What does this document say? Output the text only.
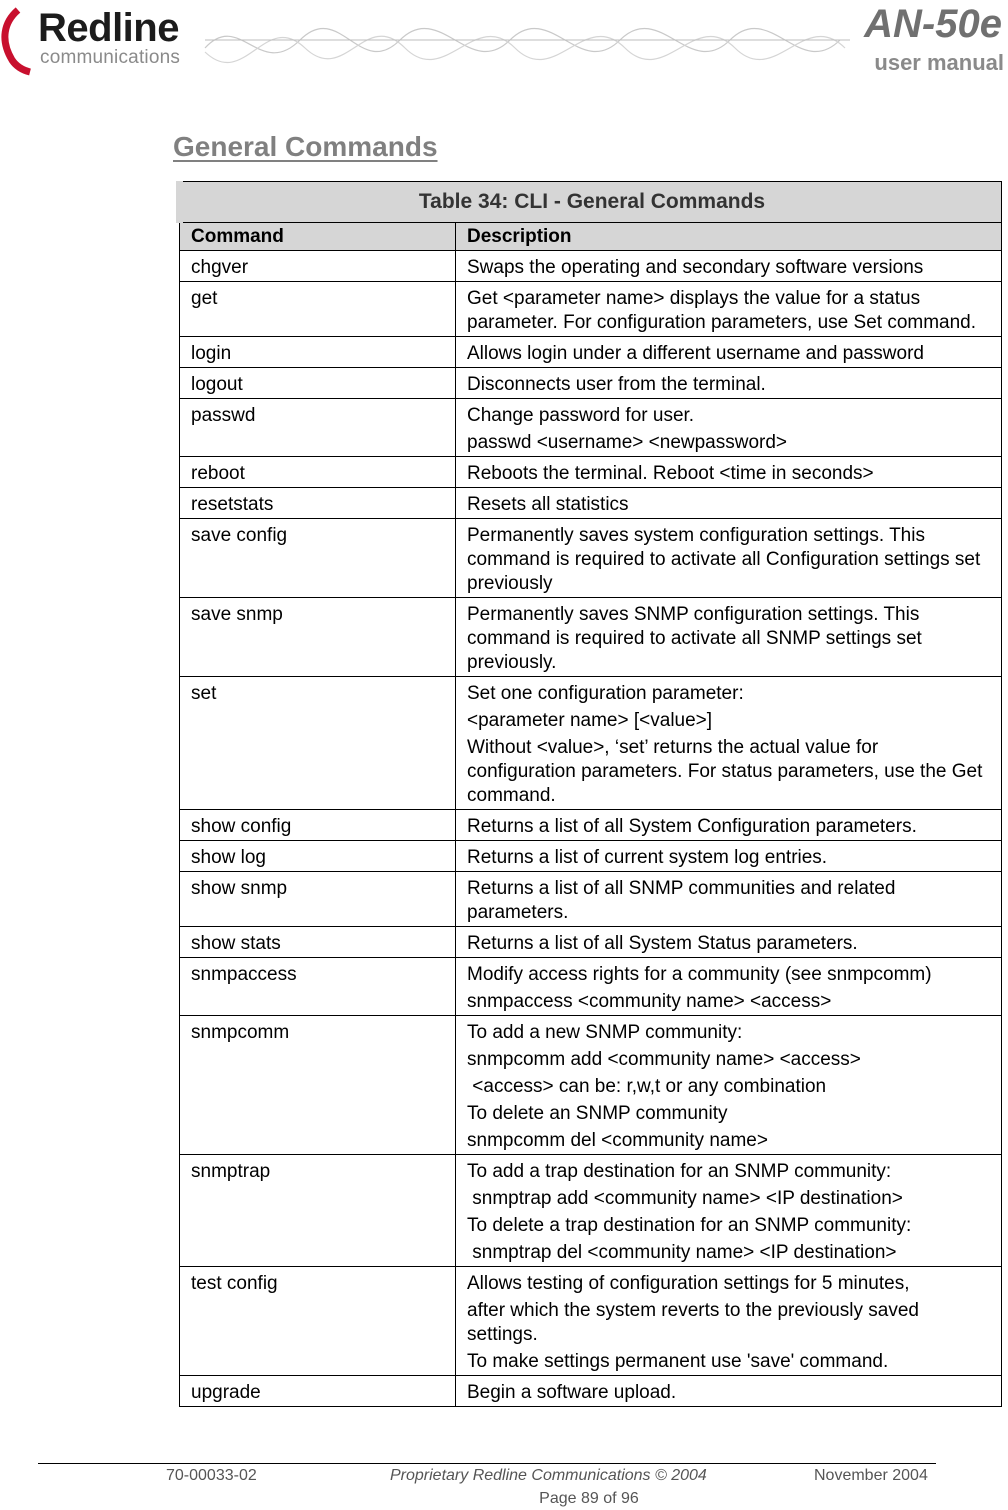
Redline
communications
AN-50e
user manual
General Commands
Table 34: CLI - General Commands	
Command	Description
chgver	Swaps the operating and secondary software versions

get	Get <parameter name> displays the value for a status parameter. For configuration parameters, use Set command.

login	Allows login under a different username and password

logout	Disconnects user from the terminal.

passwd	Change password for user.
passwd <username> <newpassword>

reboot	Reboots the terminal. Reboot <time in seconds>

resetstats	Resets all statistics

save config	Permanently saves system configuration settings. This command is required to activate all Configuration settings set previously

save snmp	Permanently saves SNMP configuration settings. This command is required to activate all SNMP settings set previously.

set	Set one configuration parameter:
<parameter name> [<value>]
Without <value>, ‘set’ returns the actual value for configuration parameters. For status parameters, use the Get command.

show config	Returns a list of all System Configuration parameters.

show log	Returns a list of current system log entries.

show snmp	Returns a list of all SNMP communities and related parameters.

show stats	Returns a list of all System Status parameters.

snmpaccess	Modify access rights for a community (see snmpcomm)
snmpaccess <community name> <access>

snmpcomm	To add a new SNMP community:
snmpcomm add <community name> <access>
<access> can be: r,w,t or any combination
To delete an SNMP community
snmpcomm del <community name>

snmptrap	To add a trap destination for an SNMP community:
snmptrap add <community name> <IP destination>
To delete a trap destination for an SNMP community:
snmptrap del <community name> <IP destination>

test config	Allows testing of configuration settings for 5 minutes,
after which the system reverts to the previously saved settings.
To make settings permanent use 'save' command.

upgrade	Begin a software upload.
70-00033-02	Proprietary Redline Communications © 2004	November 2004
Page 89 of 96
